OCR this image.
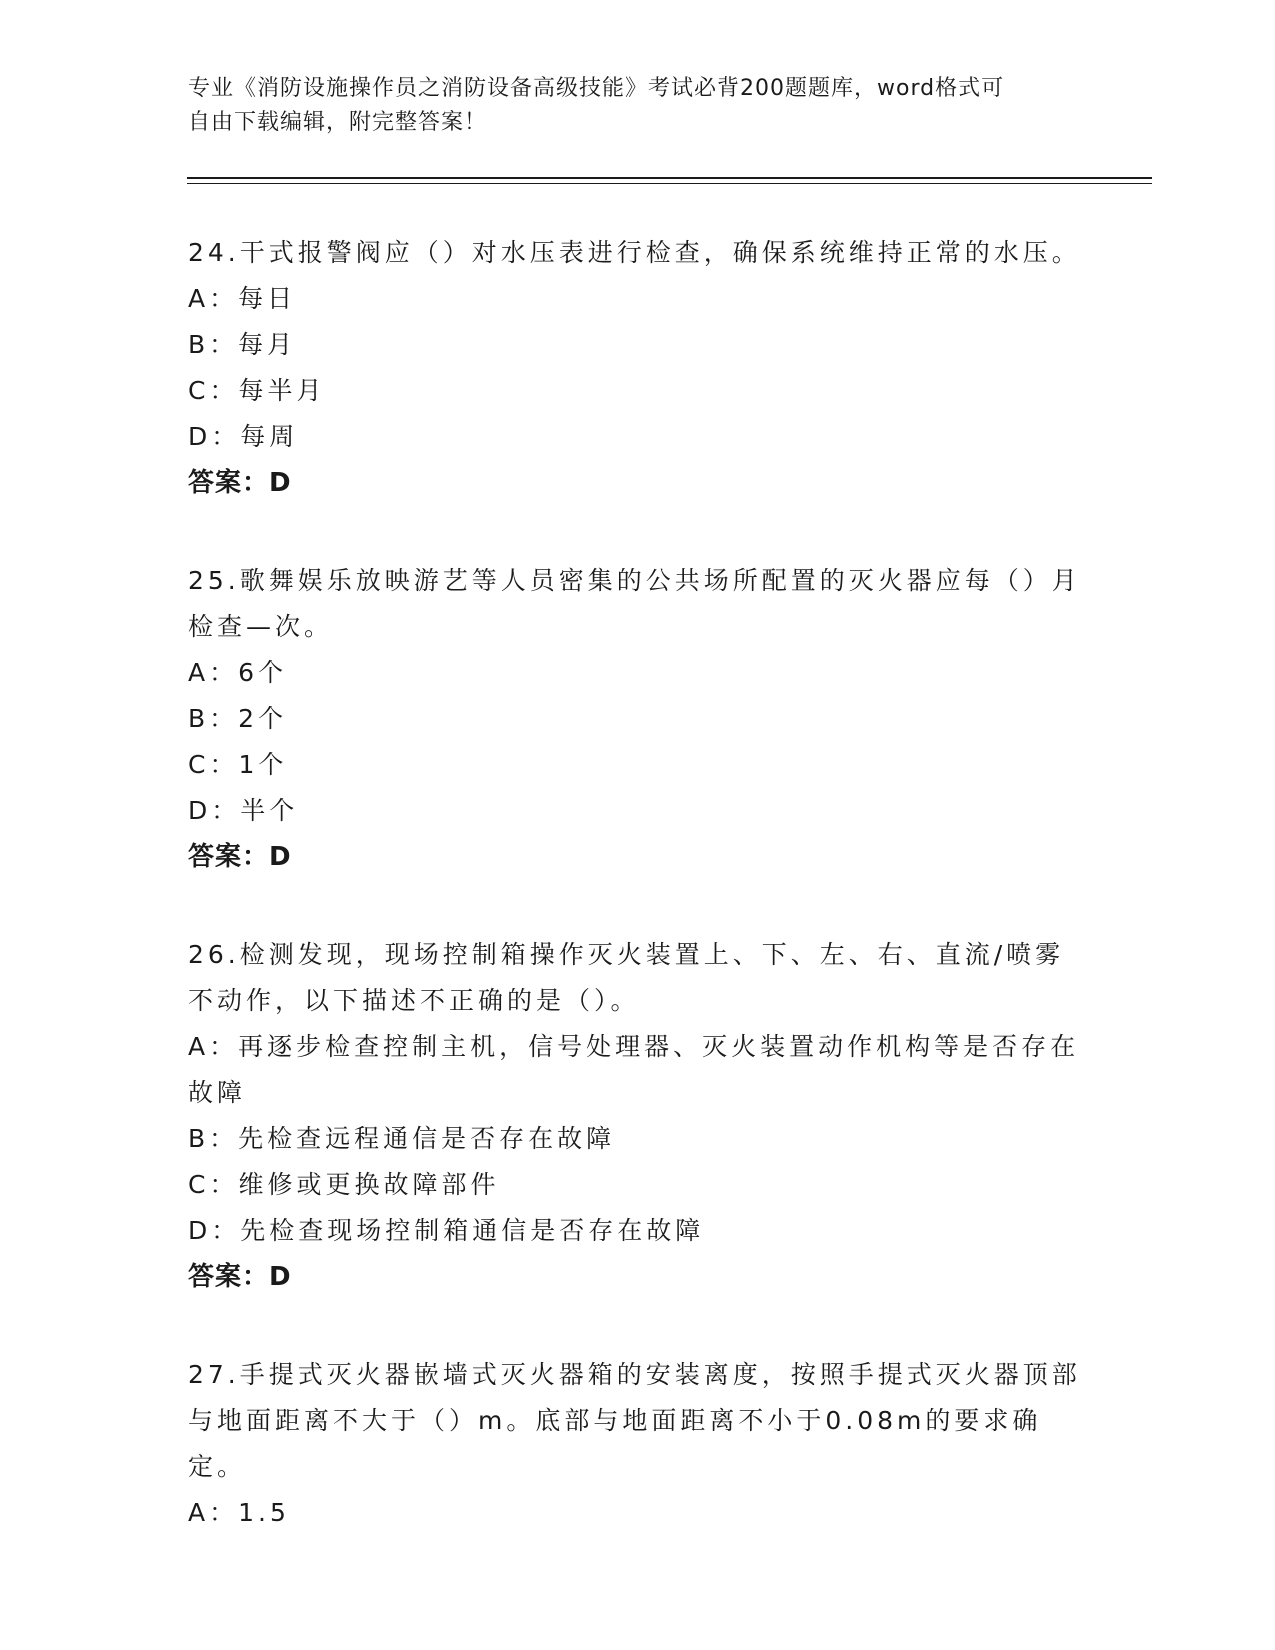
专业《消防设施操作员之消防设备高级技能》考试必背200题题库，word格式可
自由下载编辑，附完整答案！
24.干式报警阀应（）对水压表进行检查，确保系统维持正常的水压。
A：每日
B：每月
C：每半月
D：每周
答案：D
25.歌舞娱乐放映游艺等人员密集的公共场所配置的灭火器应每（）月
检查—次。
A：6个
B：2个
C：1个
D：半个
答案：D
26.检测发现，现场控制箱操作灭火装置上、下、左、右、直流/喷雾
不动作，以下描述不正确的是（）。
A：再逐步检查控制主机，信号处理器、灭火装置动作机构等是否存在
故障
B：先检查远程通信是否存在故障
C：维修或更换故障部件
D：先检查现场控制箱通信是否存在故障
答案：D
27.手提式灭火器嵌墙式灭火器箱的安装离度，按照手提式灭火器顶部
与地面距离不大于（）m。底部与地面距离不小于0.08m的要求确定。
A：1.5
